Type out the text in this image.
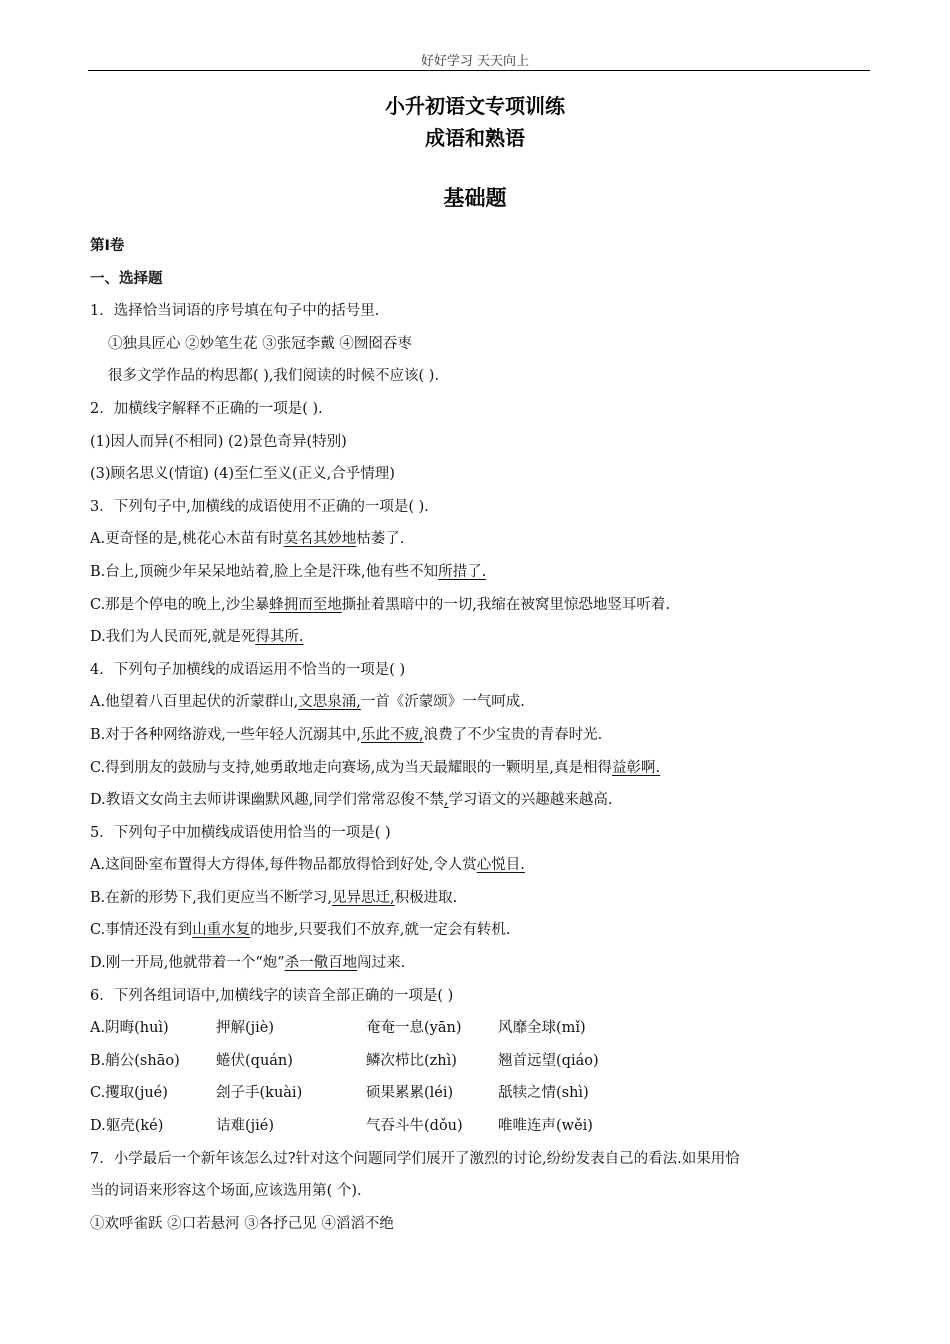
好好学习 天天向上
小升初语文专项训练
成语和熟语
基础题
第Ⅰ卷
一、选择题
1．选择恰当词语的序号填在句子中的括号里.
①独具匠心 ②妙笔生花 ③张冠李戴 ④囫囵吞枣
很多文学作品的构思都( ),我们阅读的时候不应该( ).
2．加横线字解释不正确的一项是( ).
(1)因人而异(不相同) (2)景色奇异(特别)
(3)顾名思义(情谊) (4)至仁至义(正义,合乎情理)
3．下列句子中,加横线的成语使用不正确的一项是( ).
A.更奇怪的是,桃花心木苗有时莫名其妙地枯萎了.
B.台上,顶碗少年呆呆地站着,脸上全是汗珠,他有些不知所措了.
C.那是个停电的晚上,沙尘暴蜂拥而至地撕扯着黑暗中的一切,我缩在被窝里惊恐地竖耳听着.
D.我们为人民而死,就是死得其所.
4．下列句子加横线的成语运用不恰当的一项是( )
A.他望着八百里起伏的沂蒙群山,文思泉涌,一首《沂蒙颂》一气呵成.
B.对于各种网络游戏,一些年轻人沉溺其中,乐此不疲,浪费了不少宝贵的青春时光.
C.得到朋友的鼓励与支持,她勇敢地走向赛场,成为当天最耀眼的一颗明星,真是相得益彰啊.
D.教语文女尚主去师讲课幽默风趣,同学们常常忍俊不禁,学习语文的兴趣越来越高.
5．下列句子中加横线成语使用恰当的一项是( )
A.这间卧室布置得大方得体,每件物品都放得恰到好处,令人赏心悦目.
B.在新的形势下,我们更应当不断学习,见异思迁,积极进取.
C.事情还没有到山重水复的地步,只要我们不放弃,就一定会有转机.
D.刚一开局,他就带着一个“炮”杀一儆百地闯过来.
6．下列各组词语中,加横线字的读音全部正确的一项是( )
A.阴晦(huì)	押解(jiè)	奄奄一息(yān)	风靡全球(mǐ)
B.艄公(shāo)	蜷伏(quán)	鳞次栉比(zhì)	翘首远望(qiáo)
C.攫取(jué)	刽子手(kuài)	硕果累累(léi)	舐犊之情(shì)
D.躯壳(ké)	诘难(jié)	气吞斗牛(dǒu) 唯唯连声(wěi)
7．小学最后一个新年该怎么过?针对这个问题同学们展开了激烈的讨论,纷纷发表自己的看法.如果用恰
当的词语来形容这个场面,应该选用第( 个).
①欢呼雀跃 ②口若悬河 ③各抒己见 ④滔滔不绝
